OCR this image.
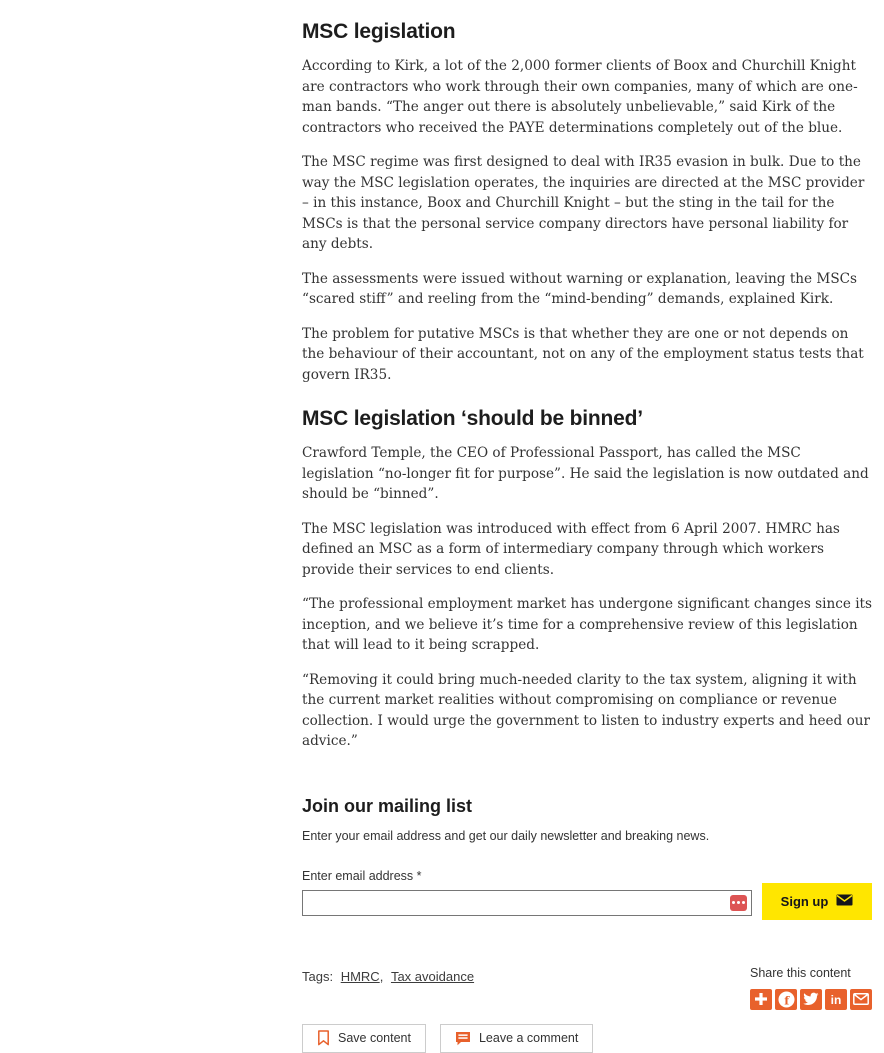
MSC legislation

According to Kirk, a lot of the 2,000 former clients of Boox and Churchill Knight are contractors who work through their own companies, many of which are one-man bands. “The anger out there is absolutely unbelievable,” said Kirk of the contractors who received the PAYE determinations completely out of the blue.

The MSC regime was first designed to deal with IR35 evasion in bulk. Due to the way the MSC legislation operates, the inquiries are directed at the MSC provider – in this instance, Boox and Churchill Knight – but the sting in the tail for the MSCs is that the personal service company directors have personal liability for any debts.

The assessments were issued without warning or explanation, leaving the MSCs “scared stiff” and reeling from the “mind-bending” demands, explained Kirk.

The problem for putative MSCs is that whether they are one or not depends on the behaviour of their accountant, not on any of the employment status tests that govern IR35.

MSC legislation ‘should be binned’

Crawford Temple, the CEO of Professional Passport, has called the MSC legislation “no-longer fit for purpose”. He said the legislation is now outdated and should be “binned”.

The MSC legislation was introduced with effect from 6 April 2007. HMRC has defined an MSC as a form of intermediary company through which workers provide their services to end clients.

“The professional employment market has undergone significant changes since its inception, and we believe it’s time for a comprehensive review of this legislation that will lead to it being scrapped.

“Removing it could bring much-needed clarity to the tax system, aligning it with the current market realities without compromising on compliance or revenue collection. I would urge the government to listen to industry experts and heed our advice.”

Join our mailing list
Enter your email address and get our daily newsletter and breaking news.
Enter email address *
Sign up
Tags: HMRC, Tax avoidance	Share this content
f	in
Save content	Leave a comment
